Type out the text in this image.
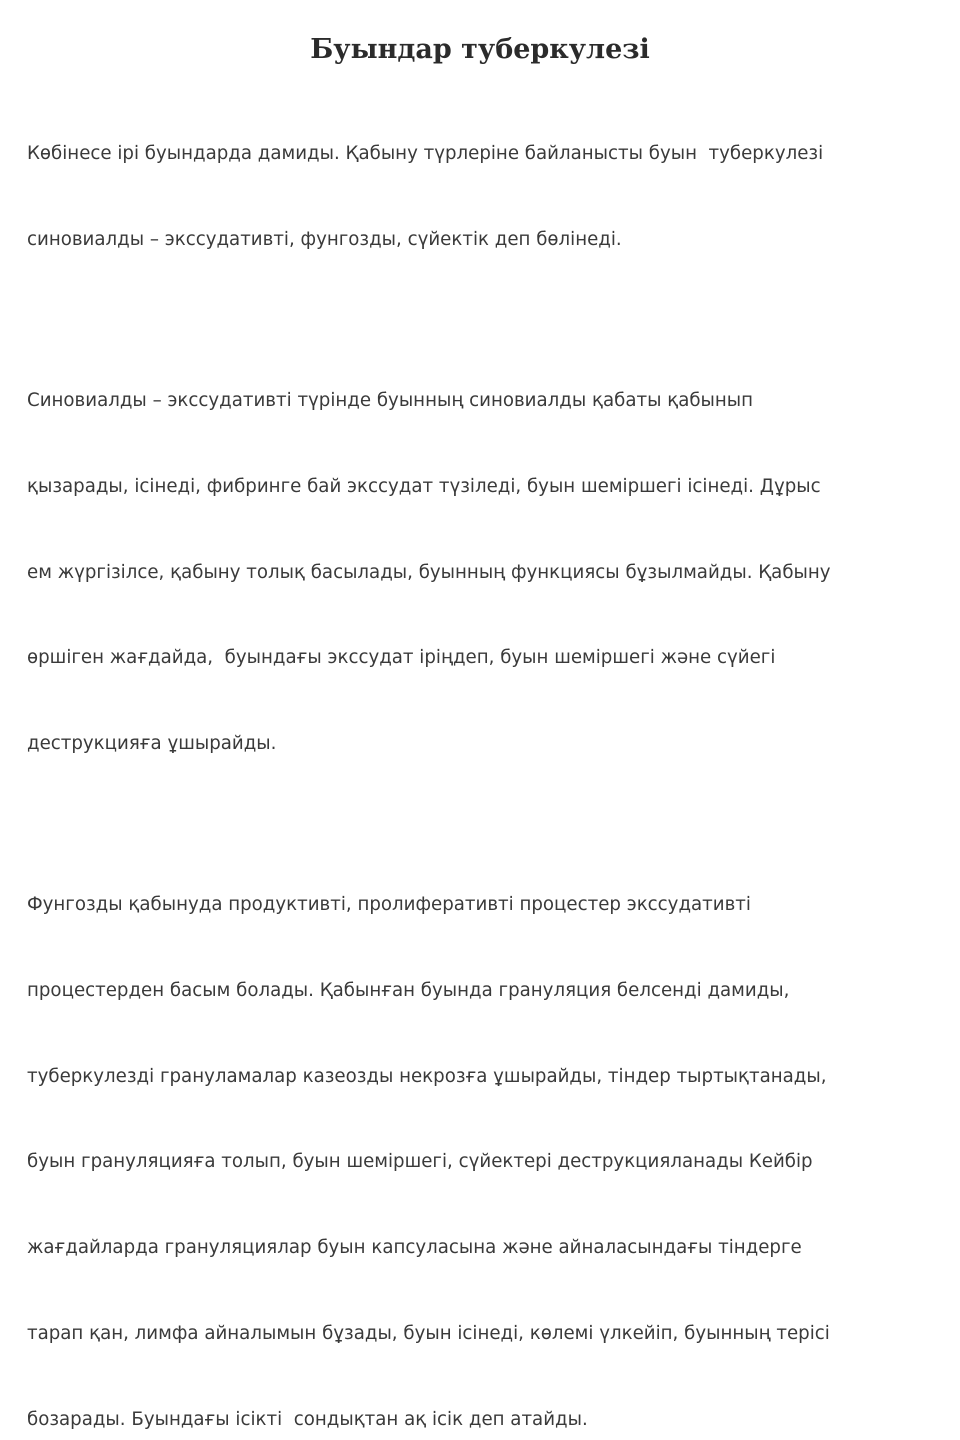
Буындар туберкулезі

Көбінесе ірі буындарда дамиды. Қабыну түрлеріне байланысты буын  туберкулезі

синовиалды – экссудативті, фунгозды, сүйектік деп бөлінеді.

Синовиалды – экссудативті түрінде буынның синовиалды қабаты қабынып

қызарады, ісінеді, фибрингe бай экссудат түзіледі, буын шеміршегі ісінеді. Дұрыс

ем жүргізілсе, қабыну толық басылады, буынның функциясы бұзылмайды. Қабыну

өршіген жағдайда,  буындағы экссудат іріңдеп, буын шеміршегі және сүйегі

деструкцияға ұшырайды.

Фунгозды қабынуда продуктивті, пролиферативті процестер экссудативті

процестерден басым болады. Қабынған буында грануляция белсенді дамиды,

туберкулезді грануламалар казеозды некрозға ұшырайды, тіндер тыртықтанады,

буын грануляцияға толып, буын шеміршегі, сүйектері деструкцияланады Кейбір

жағдайларда грануляциялар буын капсуласына және айналасындағы тіндерге

тарап қан, лимфа айналымын бұзады, буын ісінеді, көлемі үлкейіп, буынның терісі

бозарады. Буындағы ісікті  сондықтан ақ ісік деп атайды.
